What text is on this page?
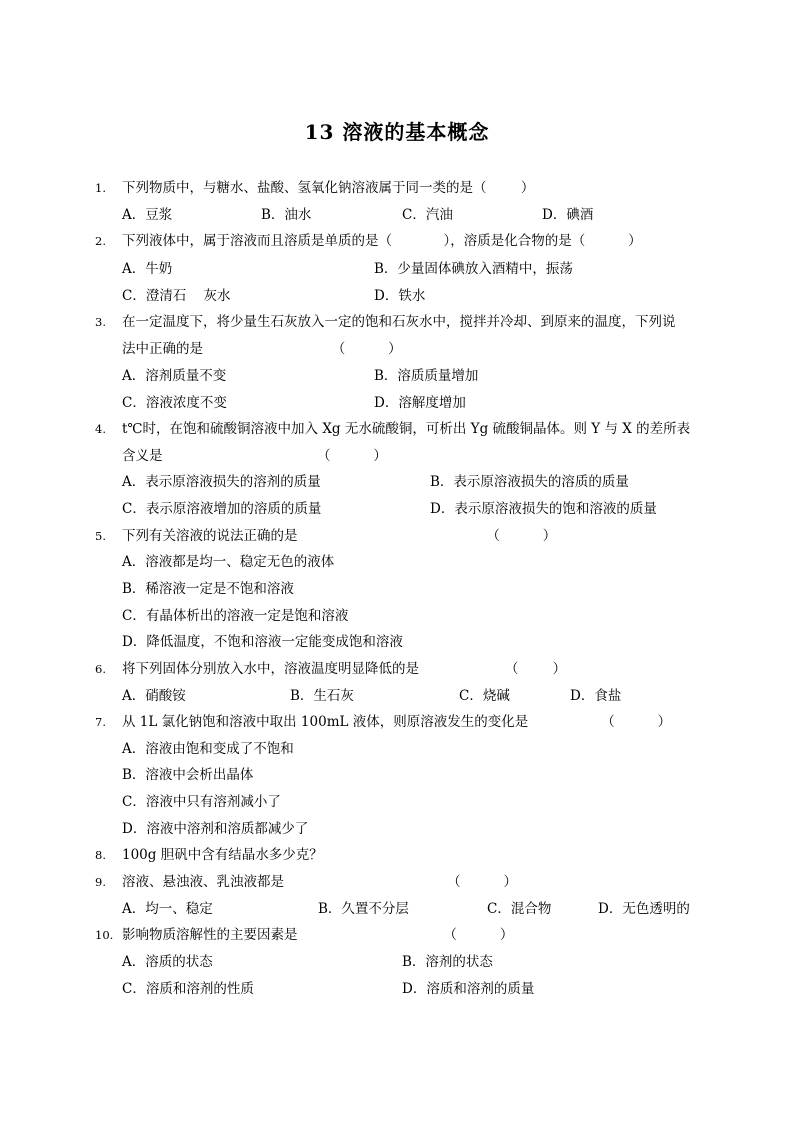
13 溶液的基本概念
1. 下列物质中，与糖水、盐酸、氢氧化钠溶液属于同一类的是（        ）
A．豆浆	B．油水	C．汽油	D．碘酒
2. 下列液体中，属于溶液而且溶质是单质的是（            ），溶质是化合物的是（          ）
A．牛奶	B．少量固体碘放入酒精中，振荡
C．澄清石    灰水	D．铁水
3. 在一定温度下，将少量生石灰放入一定的饱和石灰水中，搅拌并冷却、到原来的温度，下列说
法中正确的是                              （          ）
A．溶剂质量不变	B．溶质质量增加
C．溶液浓度不变	D．溶解度增加
4. t℃时，在饱和硫酸铜溶液中加入 Xg 无水硫酸铜，可析出 Yg 硫酸铜晶体。则 Y 与 X 的差所表
含义是                                    （          ）
A．表示原溶液损失的溶剂的质量	B．表示原溶液损失的溶质的质量
C．表示原溶液增加的溶质的质量	D．表示原溶液损失的饱和溶液的质量
5. 下列有关溶液的说法正确的是                                            （          ）
A．溶液都是均一、稳定无色的液体
B．稀溶液一定是不饱和溶液
C．有晶体析出的溶液一定是饱和溶液
D．降低温度，不饱和溶液一定能变成饱和溶液
6. 将下列固体分别放入水中，溶液温度明显降低的是                    （        ）
A．硝酸铵	B．生石灰	C．烧碱	D．食盐
7. 从 1L 氯化钠饱和溶液中取出 100mL 液体，则原溶液发生的变化是                 （          ）
A．溶液由饱和变成了不饱和
B．溶液中会析出晶体
C．溶液中只有溶剂减小了
D．溶液中溶剂和溶质都减少了
8. 100g 胆矾中含有结晶水多少克？
9. 溶液、悬浊液、乳浊液都是                                      （          ）
A．均一、稳定	B．久置不分层	C．混合物	D．无色透明的
10. 影响物质溶解性的主要因素是                                  （          ）
A．溶质的状态	B．溶剂的状态
C．溶质和溶剂的性质	D．溶质和溶剂的质量
